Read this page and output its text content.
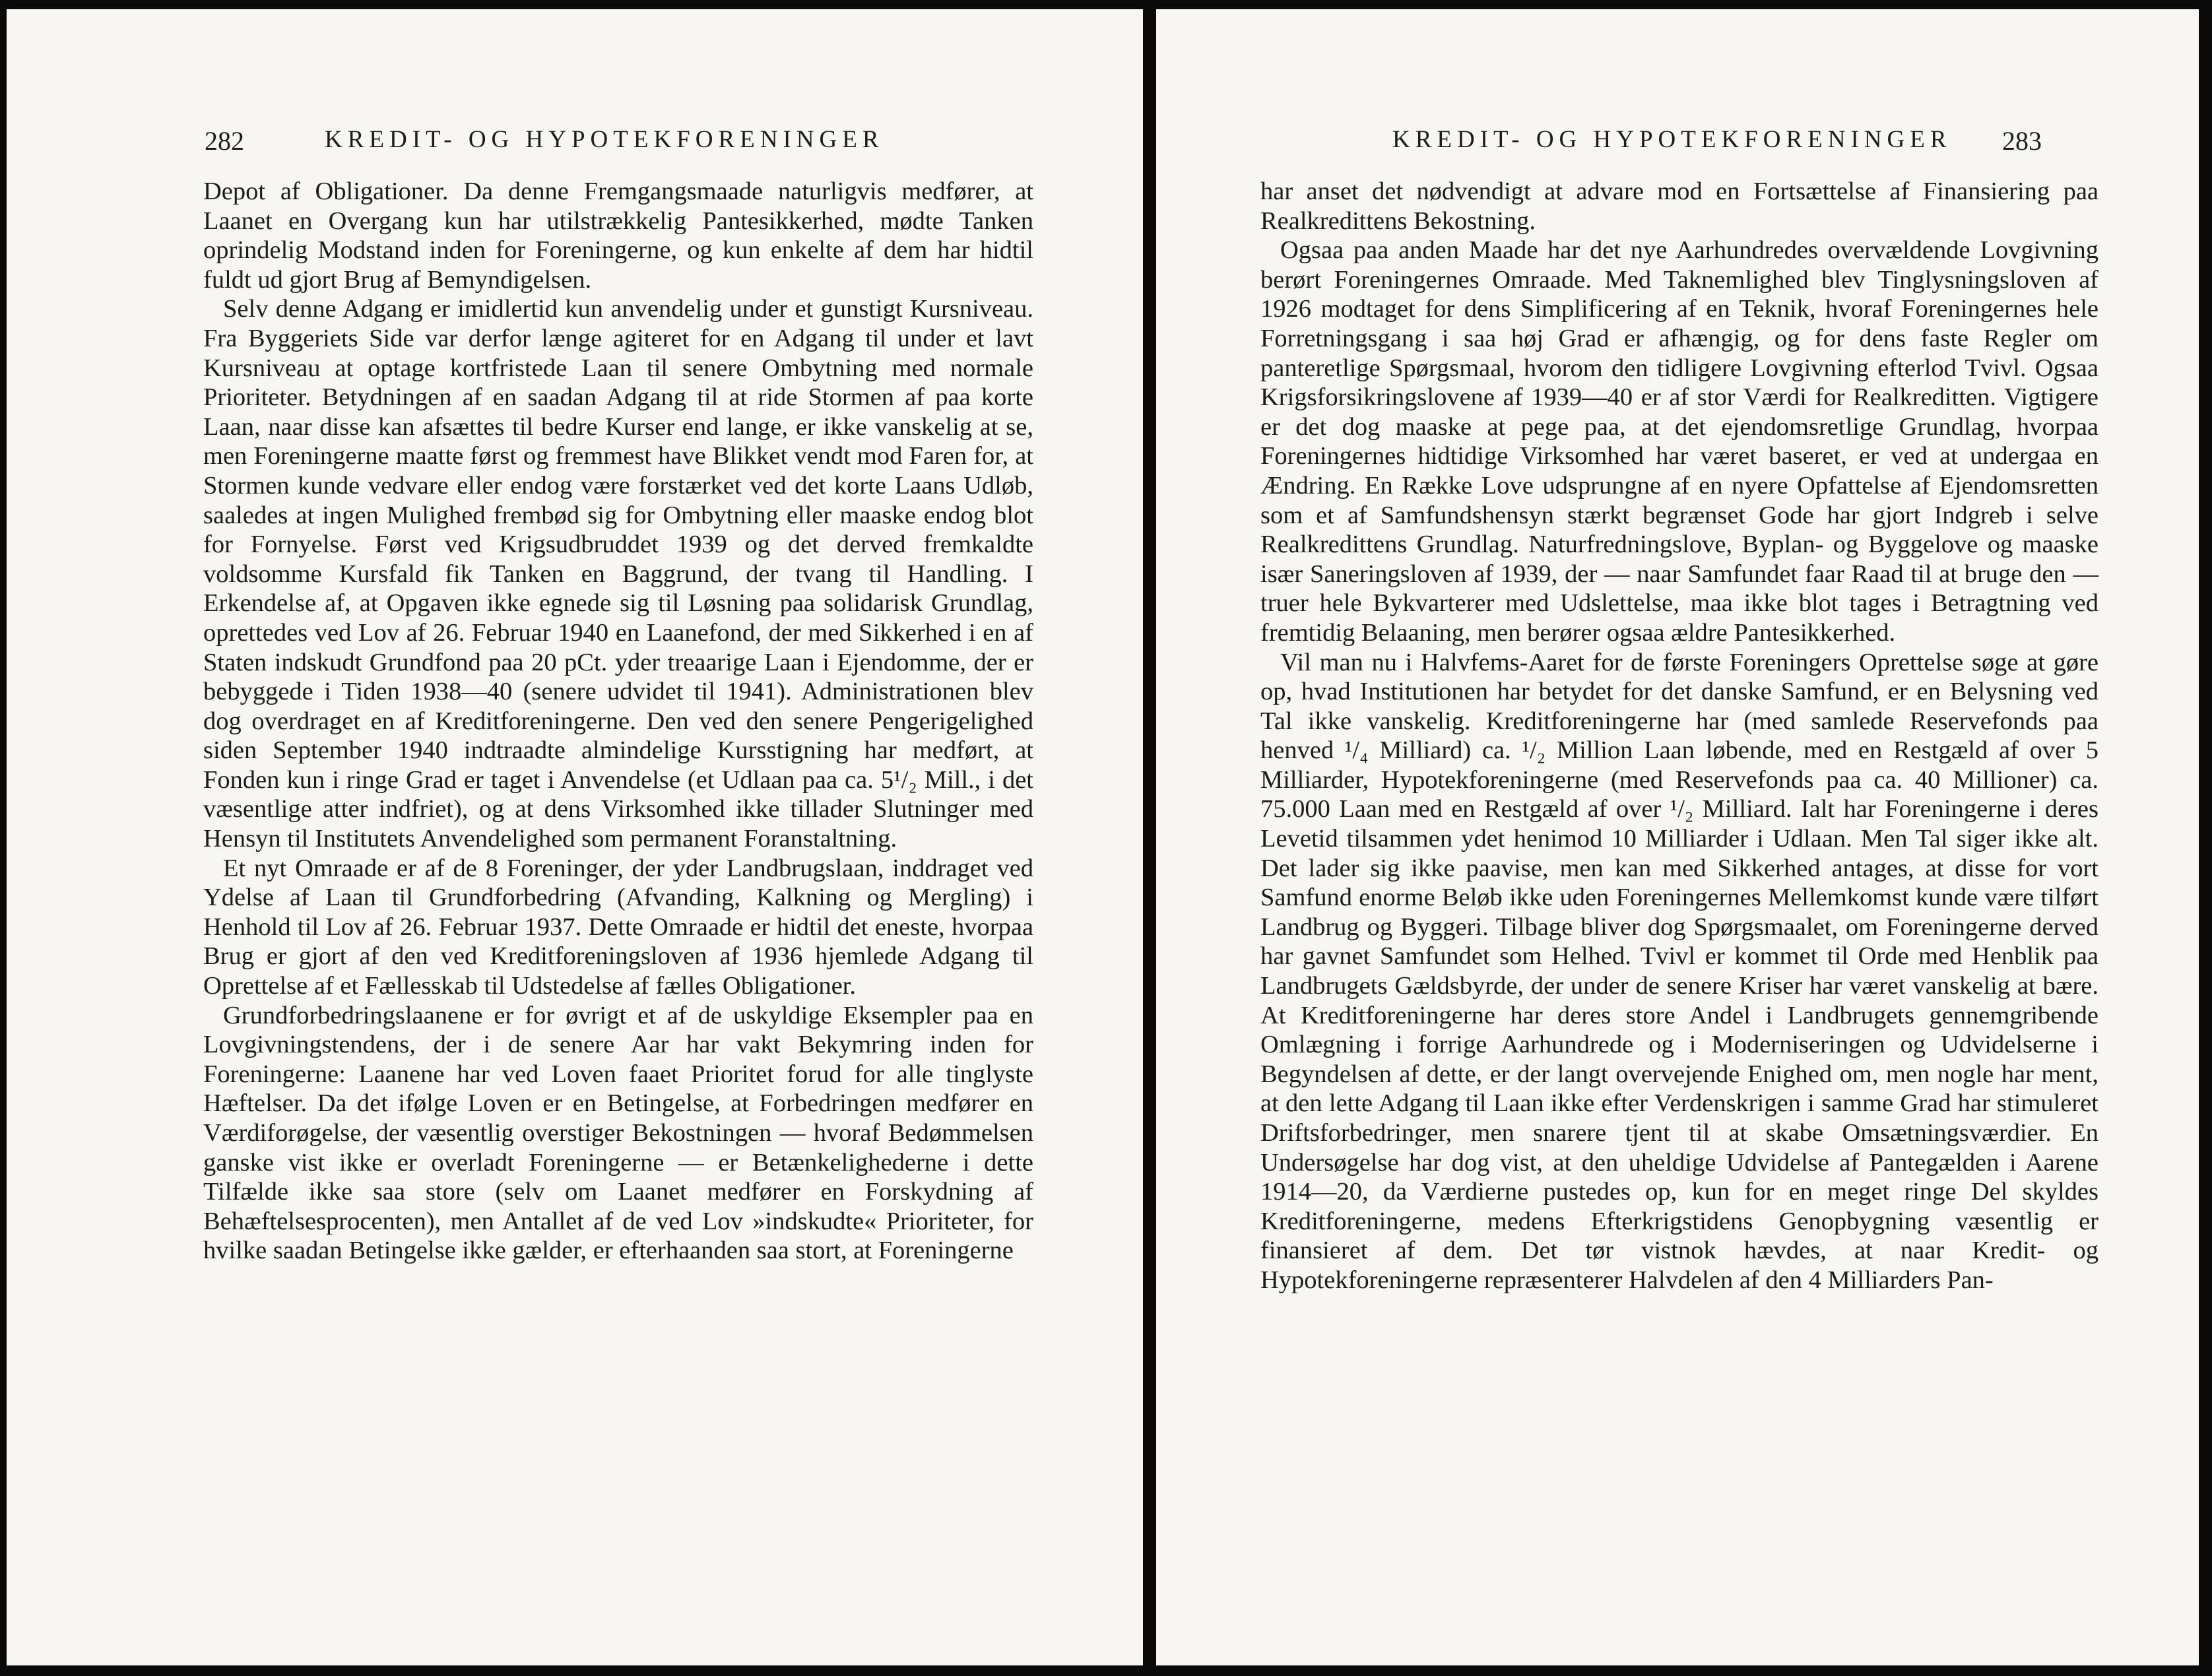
282	KREDIT- OG HYPOTEKFORENINGER

Depot af Obligationer. Da denne Fremgangsmaade naturligvis medfører, at Laanet en Overgang kun har utilstrækkelig Pantesikkerhed, mødte Tanken oprindelig Modstand inden for Foreningerne, og kun enkelte af dem har hidtil fuldt ud gjort Brug af Bemyndigelsen.

Selv denne Adgang er imidlertid kun anvendelig under et gunstigt Kursniveau. Fra Byggeriets Side var derfor længe agiteret for en Adgang til under et lavt Kursniveau at optage kortfristede Laan til senere Ombytning med normale Prioriteter. Betydningen af en saadan Adgang til at ride Stormen af paa korte Laan, naar disse kan afsættes til bedre Kurser end lange, er ikke vanskelig at se, men Foreningerne maatte først og fremmest have Blikket vendt mod Faren for, at Stormen kunde vedvare eller endog være forstærket ved det korte Laans Udløb, saaledes at ingen Mulighed frembød sig for Ombytning eller maaske endog blot for Fornyelse. Først ved Krigsudbruddet 1939 og det derved fremkaldte voldsomme Kursfald fik Tanken en Baggrund, der tvang til Handling. I Erkendelse af, at Opgaven ikke egnede sig til Løsning paa solidarisk Grundlag, oprettedes ved Lov af 26. Februar 1940 en Laanefond, der med Sikkerhed i en af Staten indskudt Grundfond paa 20 pCt. yder treaarige Laan i Ejendomme, der er bebyggede i Tiden 1938—40 (senere udvidet til 1941). Administrationen blev dog overdraget en af Kreditforeningerne. Den ved den senere Pengerigelighed siden September 1940 indtraadte almindelige Kursstigning har medført, at Fonden kun i ringe Grad er taget i Anvendelse (et Udlaan paa ca. 5¹/₂ Mill., i det væsentlige atter indfriet), og at dens Virksomhed ikke tillader Slutninger med Hensyn til Institutets Anvendelighed som permanent Foranstaltning.

Et nyt Omraade er af de 8 Foreninger, der yder Landbrugslaan, inddraget ved Ydelse af Laan til Grundforbedring (Afvanding, Kalkning og Mergling) i Henhold til Lov af 26. Februar 1937. Dette Omraade er hidtil det eneste, hvorpaa Brug er gjort af den ved Kreditforeningsloven af 1936 hjemlede Adgang til Oprettelse af et Fællesskab til Udstedelse af fælles Obligationer.

Grundforbedringslaanene er for øvrigt et af de uskyldige Eksempler paa en Lovgivningstendens, der i de senere Aar har vakt Bekymring inden for Foreningerne: Laanene har ved Loven faaet Prioritet forud for alle tinglyste Hæftelser. Da det ifølge Loven er en Betingelse, at Forbedringen medfører en Værdiforøgelse, der væsentlig overstiger Bekostningen — hvoraf Bedømmelsen ganske vist ikke er overladt Foreningerne — er Betænkelighederne i dette Tilfælde ikke saa store (selv om Laanet medfører en Forskydning af Behæftelsesprocenten), men Antallet af de ved Lov »indskudte« Prioriteter, for hvilke saadan Betingelse ikke gælder, er efterhaanden saa stort, at Foreningerne

KREDIT- OG HYPOTEKFORENINGER 283

har anset det nødvendigt at advare mod en Fortsættelse af Finansiering paa Realkredittens Bekostning.

Ogsaa paa anden Maade har det nye Aarhundredes overvældende Lovgivning berørt Foreningernes Omraade. Med Taknemlighed blev Tinglysningsloven af 1926 modtaget for dens Simplificering af en Teknik, hvoraf Foreningernes hele Forretningsgang i saa høj Grad er afhængig, og for dens faste Regler om panteretlige Spørgsmaal, hvorom den tidligere Lovgivning efterlod Tvivl. Ogsaa Krigsforsikringslovene af 1939—40 er af stor Værdi for Realkreditten. Vigtigere er det dog maaske at pege paa, at det ejendomsretlige Grundlag, hvorpaa Foreningernes hidtidige Virksomhed har været baseret, er ved at undergaa en Ændring. En Række Love udsprungne af en nyere Opfattelse af Ejendomsretten som et af Samfundshensyn stærkt begrænset Gode har gjort Indgreb i selve Realkredittens Grundlag. Naturfredningslove, Byplan- og Byggelove og maaske især Saneringsloven af 1939, der — naar Samfundet faar Raad til at bruge den — truer hele Bykvarterer med Udslettelse, maa ikke blot tages i Betragtning ved fremtidig Belaaning, men berører ogsaa ældre Pantesikkerhed.

Vil man nu i Halvfems-Aaret for de første Foreningers Oprettelse søge at gøre op, hvad Institutionen har betydet for det danske Samfund, er en Belysning ved Tal ikke vanskelig. Kreditforeningerne har (med samlede Reservefonds paa henved ¹/₄ Milliard) ca. ¹/₂ Million Laan løbende, med en Restgæld af over 5 Milliarder, Hypotekforeningerne (med Reservefonds paa ca. 40 Millioner) ca. 75.000 Laan med en Restgæld af over ¹/₂ Milliard. Ialt har Foreningerne i deres Levetid tilsammen ydet henimod 10 Milliarder i Udlaan. Men Tal siger ikke alt. Det lader sig ikke paavise, men kan med Sikkerhed antages, at disse for vort Samfund enorme Beløb ikke uden Foreningernes Mellemkomst kunde være tilført Landbrug og Byggeri. Tilbage bliver dog Spørgsmaalet, om Foreningerne derved har gavnet Samfundet som Helhed. Tvivl er kommet til Orde med Henblik paa Landbrugets Gældsbyrde, der under de senere Kriser har været vanskelig at bære. At Kreditforeningerne har deres store Andel i Landbrugets gennemgribende Omlægning i forrige Aarhundrede og i Moderniseringen og Udvidelserne i Begyndelsen af dette, er der langt overvejende Enighed om, men nogle har ment, at den lette Adgang til Laan ikke efter Verdenskrigen i samme Grad har stimuleret Driftsforbedringer, men snarere tjent til at skabe Omsætningsværdier. En Undersøgelse har dog vist, at den uheldige Udvidelse af Pantegælden i Aarene 1914—20, da Værdierne pustedes op, kun for en meget ringe Del skyldes Kreditforeningerne, medens Efterkrigstidens Genopbygning væsentlig er finansieret af dem. Det tør vistnok hævdes, at naar Kredit- og Hypotekforeningerne repræsenterer Halvdelen af den 4 Milliarders Pan-
